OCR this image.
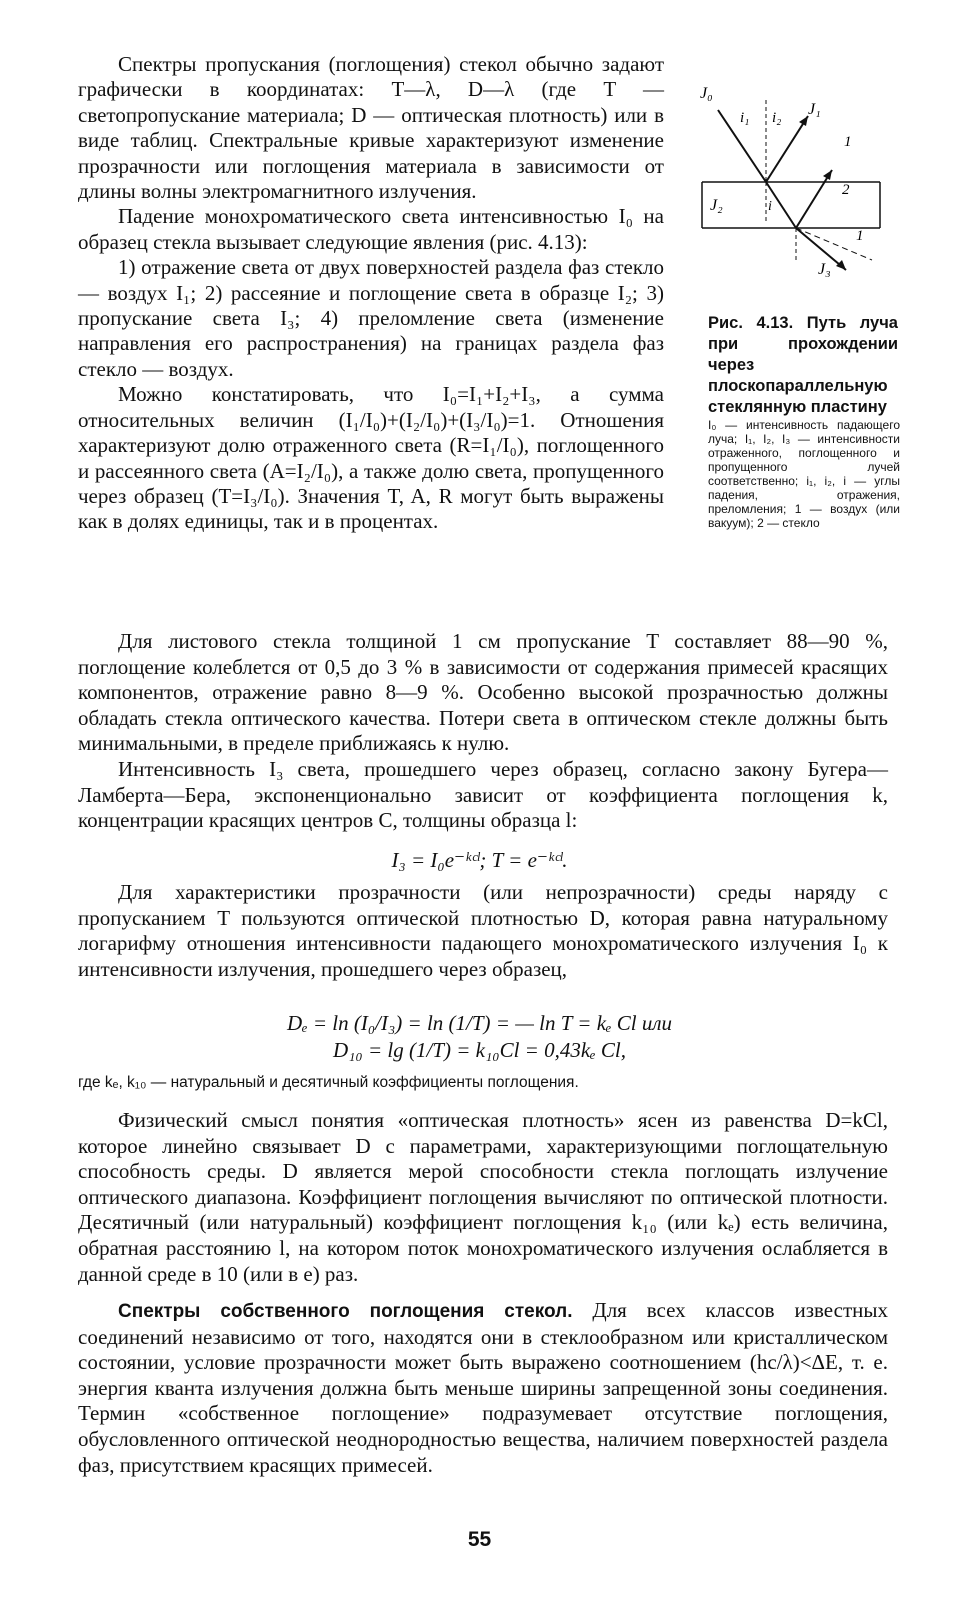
Спектры пропускания (поглощения) стекол обычно задают графически в координатах: T—λ, D—λ (где T — светопропускание материала; D — оптическая плотность) или в виде таблиц. Спектральные кривые характеризуют изменение прозрачности или поглощения материала в зависимости от длины волны электромагнитного излучения.

Падение монохроматического света интенсивностью I₀ на образец стекла вызывает следующие явления (рис. 4.13):

1) отражение света от двух поверхностей раздела фаз стекло — воздух I₁; 2) рассеяние и поглощение света в образце I₂; 3) пропускание света I₃; 4) преломление света (изменение направления его распространения) на границах раздела фаз стекло — воздух.

Можно констатировать, что I₀=I₁+I₂+I₃, а сумма относительных величин (I₁/I₀)+(I₂/I₀)+(I₃/I₀)=1. Отношения характеризуют долю отраженного света (R=I₁/I₀), поглощенного и рассеянного света (A=I₂/I₀), а также долю света, пропущенного через образец (T=I₃/I₀). Значения T, A, R могут быть выражены как в долях единицы, так и в процентах.

J₀
i₁ i₂ J₁
1
J₂	i
2
1
J₃
Рис. 4.13. Путь луча при прохождении через плоскопараллельную стеклянную пластину
I₀ — интенсивность падающего луча; I₁, I₂, I₃ — интенсивности отраженного, поглощенного и пропущенного лучей соответственно; i₁, i₂, i — углы падения, отражения, преломления; 1 — воздух (или вакуум); 2 — стекло

Для листового стекла толщиной 1 см пропускание T составляет 88—90 %, поглощение колеблется от 0,5 до 3 % в зависимости от содержания примесей красящих компонентов, отражение равно 8—9 %. Особенно высокой прозрачностью должны обладать стекла оптического качества. Потери света в оптическом стекле должны быть минимальными, в пределе приближаясь к нулю.

Интенсивность I₃ света, прошедшего через образец, согласно закону Бугера—Ламберта—Бера, экспоненционально зависит от коэффициента поглощения k, концентрации красящих центров C, толщины образца l:

I₃ = I₀e⁻ᵏᶜˡ; T = e⁻ᵏᶜˡ.

Для характеристики прозрачности (или непрозрачности) среды наряду с пропусканием T пользуются оптической плотностью D, которая равна натуральному логарифму отношения интенсивности падающего монохроматического излучения I₀ к интенсивности излучения, прошедшего через образец,

Dₑ = ln (I₀/I₃) = ln (1/T) = — ln T = kₑ Cl или
D₁₀ = lg (1/T) = k₁₀Cl = 0,43kₑ Cl,
где kₑ, k₁₀ — натуральный и десятичный коэффициенты поглощения.

Физический смысл понятия «оптическая плотность» ясен из равенства D=kCl, которое линейно связывает D с параметрами, характеризующими поглощательную способность среды. D является мерой способности стекла поглощать излучение оптического диапазона. Коэффициент поглощения вычисляют по оптической плотности. Десятичный (или натуральный) коэффициент поглощения k₁₀ (или kₑ) есть величина, обратная расстоянию l, на котором поток монохроматического излучения ослабляется в данной среде в 10 (или в e) раз.

Спектры собственного поглощения стекол. Для всех классов известных соединений независимо от того, находятся они в стеклообразном или кристаллическом состоянии, условие прозрачности может быть выражено соотношением (hc/λ)<ΔE, т. е. энергия кванта излучения должна быть меньше ширины запрещенной зоны соединения. Термин «собственное поглощение» подразумевает отсутствие поглощения, обусловленного оптической неоднородностью вещества, наличием поверхностей раздела фаз, присутствием красящих примесей.

55
